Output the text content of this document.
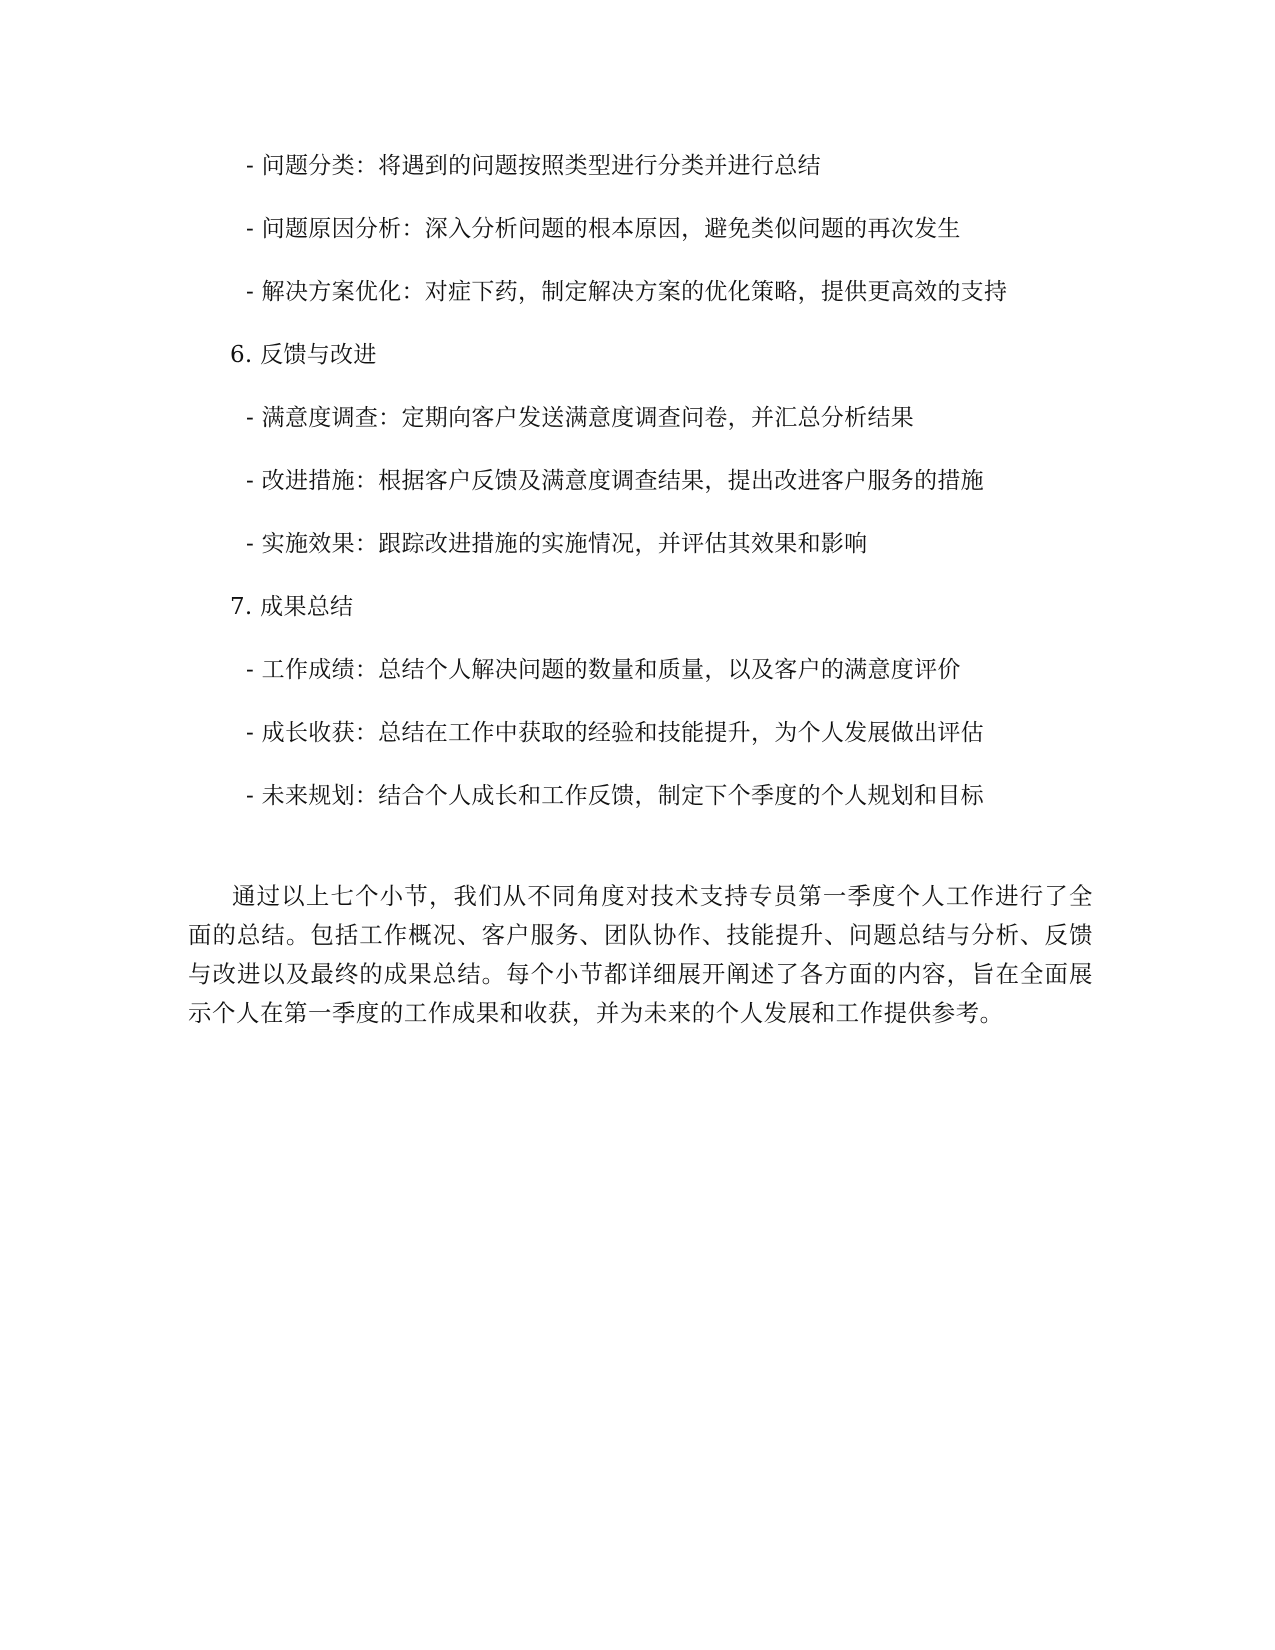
- 问题分类：将遇到的问题按照类型进行分类并进行总结
- 问题原因分析：深入分析问题的根本原因，避免类似问题的再次发生
- 解决方案优化：对症下药，制定解决方案的优化策略，提供更高效的支持
6. 反馈与改进
- 满意度调查：定期向客户发送满意度调查问卷，并汇总分析结果
- 改进措施：根据客户反馈及满意度调查结果，提出改进客户服务的措施
- 实施效果：跟踪改进措施的实施情况，并评估其效果和影响
7. 成果总结
- 工作成绩：总结个人解决问题的数量和质量，以及客户的满意度评价
- 成长收获：总结在工作中获取的经验和技能提升，为个人发展做出评估
- 未来规划：结合个人成长和工作反馈，制定下个季度的个人规划和目标

通过以上七个小节，我们从不同角度对技术支持专员第一季度个人工作进行了全面的总结。包括工作概况、客户服务、团队协作、技能提升、问题总结与分析、反馈与改进以及最终的成果总结。每个小节都详细展开阐述了各方面的内容，旨在全面展示个人在第一季度的工作成果和收获，并为未来的个人发展和工作提供参考。
